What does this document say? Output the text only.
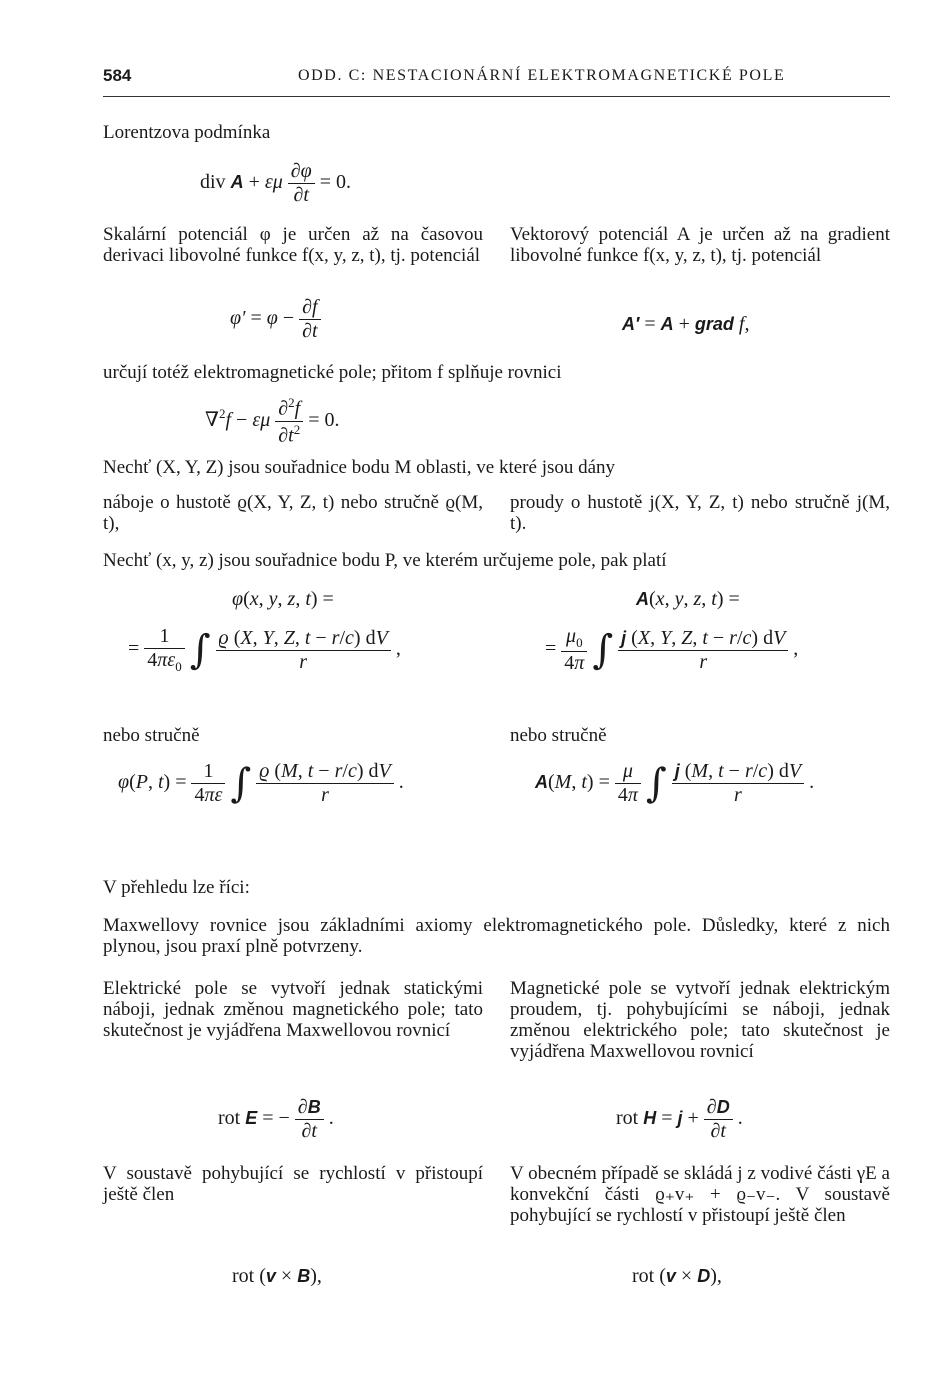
584	ODD. C: NESTACIONÁRNÍ ELEKTROMAGNETICKÉ POLE
Lorentzova podmínka
div A + εμ $\frac{\partial\varphi}{\partial t} = 0$.
Skalární potenciál φ je určen až na časovou derivaci libovolné funkce f(x, y, z, t), tj. potenciál
Vektorový potenciál A je určen až na gradient libovolné funkce f(x, y, z, t), tj. potenciál
$\varphi' = \varphi - \frac{\partial f}{\partial t}$	A′ = A + grad f,
určují totéž elektromagnetické pole; přitom f splňuje rovnici
∇$^2$f − εμ $\frac{\partial^2f}{\partial t^2} = 0$.
Nechť (X, Y, Z) jsou souřadnice bodu M oblasti, ve které jsou dány
náboje o hustotě ϱ(X, Y, Z, t) nebo stručně ϱ(M, t),
proudy o hustotě j(X, Y, Z, t) nebo stručně j(M, t).
Nechť (x, y, z) jsou souřadnice bodu P, ve kterém určujeme pole, pak platí
φ(x, y, z, t) =	A(x, y, z, t) =
= $\frac{1}{4\pi\varepsilon_0}$ ∫ $\frac{ϱ (X, Y, Z, t - r/c) dV}{r}$ ,	= $\frac{\mu_0}{4\pi}$ ∫ $\frac{j (X, Y, Z, t - r/c) dV}{r}$ ,
nebo stručně	nebo stručně
φ(P, $t) = \frac{1}{4\pi\varepsilon}$ ∫ $\frac{ϱ (M, t - r/c) dV}{r}$ .	A(M, $t) = \frac{\mu}{4\pi}$ ∫ $\frac{j (M, t - r/c) dV}{r}$ .
V přehledu lze říci:
Maxwellovy rovnice jsou základními axiomy elektromagnetického pole. Důsledky, které z nich plynou, jsou praxí plně potvrzeny.
Elektrické pole se vytvoří jednak statickými náboji, jednak změnou magnetického pole; tato skutečnost je vyjádřena Maxwellovou rovnicí
Magnetické pole se vytvoří jednak elektrickým proudem, tj. pohybujícími se náboji, jednak změnou elektrického pole; tato skutečnost je vyjádřena Maxwellovou rovnicí
rot E = − $\frac{\partial B}{\partial t}$ .	rot $H = j + \frac{\partial D}{\partial t}$ .
V soustavě pohybující se rychlostí v přistoupí ještě člen
V obecném případě se skládá j z vodivé části γE a konvekční části ϱ₊v₊ + ϱ₋v₋. V soustavě pohybující se rychlostí v přistoupí ještě člen
rot (v × B),	rot (v × D),
